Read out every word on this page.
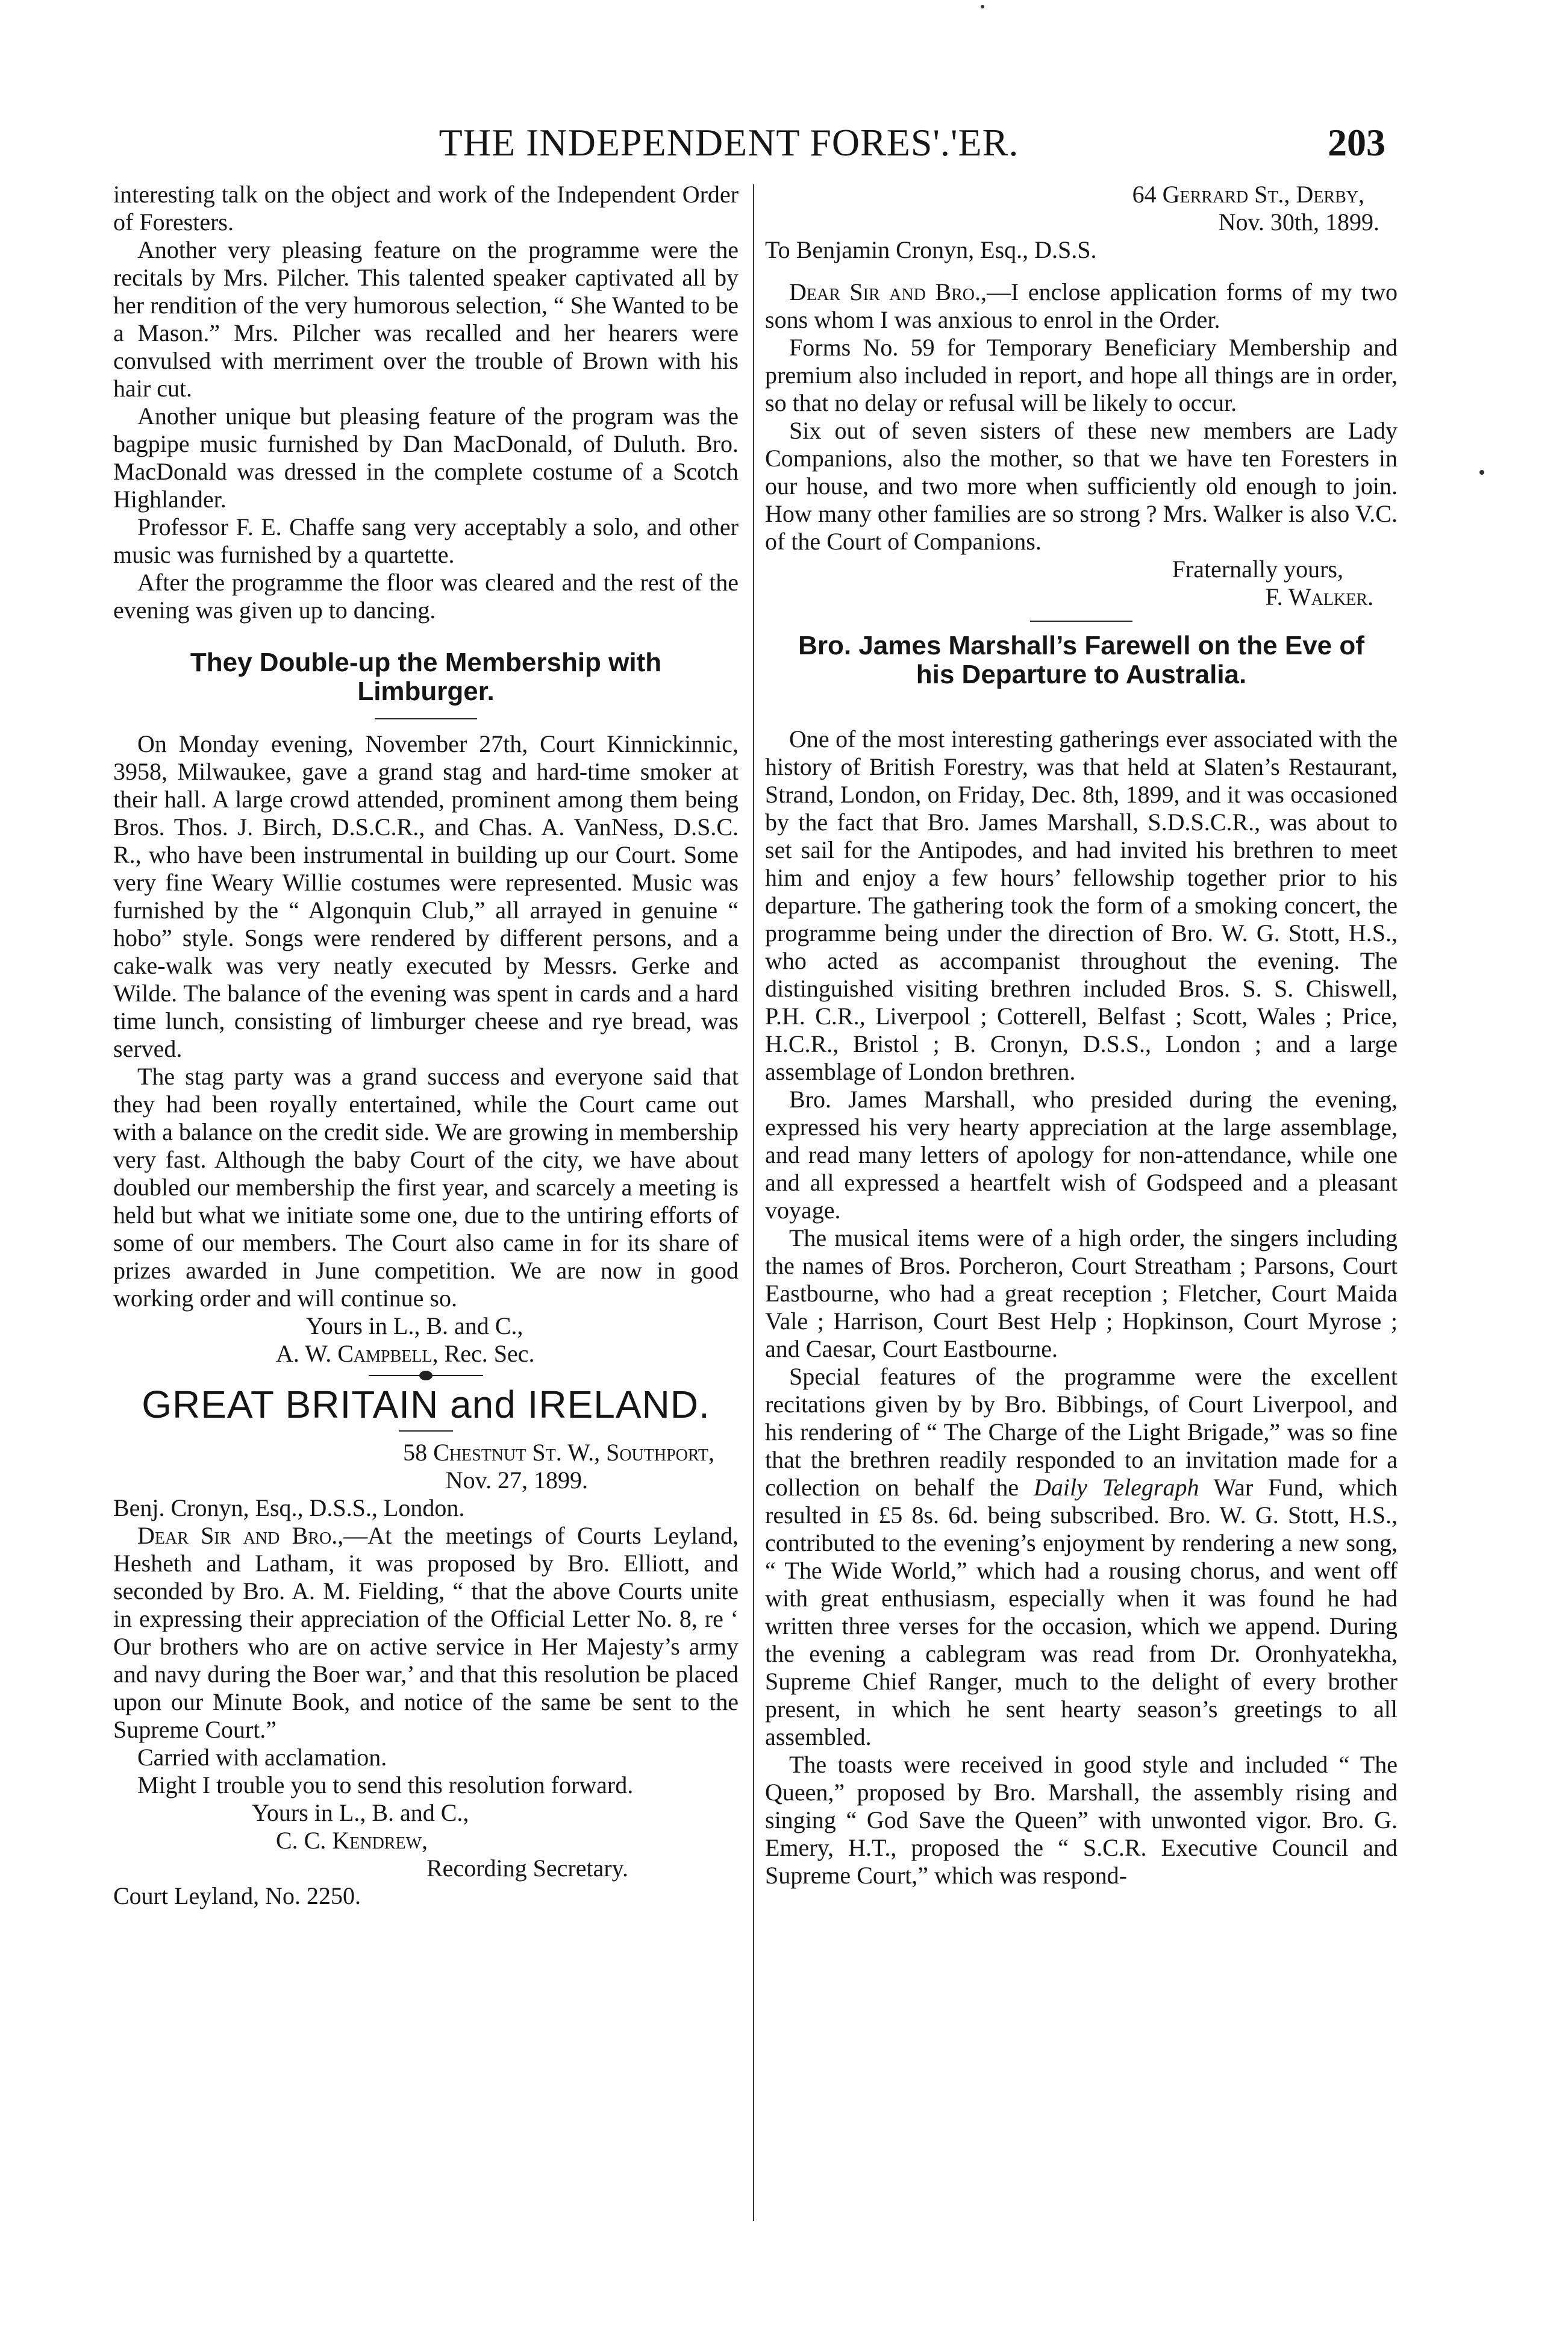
THE INDEPENDENT FORES'.'ER.	203

interesting talk on the object and work of the Independent Order of Foresters.

Another very pleasing feature on the programme were the recitals by Mrs. Pilcher. This talented speaker captivated all by her rendition of the very humorous selection, “ She Wanted to be a Mason.” Mrs. Pilcher was recalled and her hearers were convulsed with merriment over the trouble of Brown with his hair cut.

Another unique but pleasing feature of the program was the bagpipe music furnished by Dan MacDonald, of Duluth. Bro. MacDonald was dressed in the complete costume of a Scotch Highlander.

Professor F. E. Chaffe sang very acceptably a solo, and other music was furnished by a quartette.

After the programme the floor was cleared and the rest of the evening was given up to dancing.

They Double-up the Membership with Limburger.

On Monday evening, November 27th, Court Kinnickinnic, 3958, Milwaukee, gave a grand stag and hard-time smoker at their hall. A large crowd attended, prominent among them being Bros. Thos. J. Birch, D.S.C.R., and Chas. A. VanNess, D.S.C. R., who have been instrumental in building up our Court. Some very fine Weary Willie costumes were represented. Music was furnished by the “ Algonquin Club,” all arrayed in genuine “ hobo” style. Songs were rendered by different persons, and a cake-walk was very neatly executed by Messrs. Gerke and Wilde. The balance of the evening was spent in cards and a hard time lunch, consisting of limburger cheese and rye bread, was served.

The stag party was a grand success and everyone said that they had been royally entertained, while the Court came out with a balance on the credit side. We are growing in membership very fast. Although the baby Court of the city, we have about doubled our membership the first year, and scarcely a meeting is held but what we initiate some one, due to the untiring efforts of some of our members. The Court also came in for its share of prizes awarded in June competition. We are now in good working order and will continue so.

Yours in L., B. and C.,

A. W. Campbell, Rec. Sec.

GREAT BRITAIN and IRELAND.

58 Chestnut St. W., Southport,

Nov. 27, 1899.

Benj. Cronyn, Esq., D.S.S., London.

Dear Sir and Bro.,—At the meetings of Courts Leyland, Hesheth and Latham, it was proposed by Bro. Elliott, and seconded by Bro. A. M. Fielding, “ that the above Courts unite in expressing their appreciation of the Official Letter No. 8, re ‘ Our brothers who are on active service in Her Majesty’s army and navy during the Boer war,’ and that this resolution be placed upon our Minute Book, and notice of the same be sent to the Supreme Court.”

Carried with acclamation.

Might I trouble you to send this resolution forward.

Yours in L., B. and C.,

C. C. Kendrew,

Recording Secretary.

Court Leyland, No. 2250.

64 Gerrard St., Derby,

Nov. 30th, 1899.

To Benjamin Cronyn, Esq., D.S.S.

Dear Sir and Bro.,—I enclose application forms of my two sons whom I was anxious to enrol in the Order.

Forms No. 59 for Temporary Beneficiary Membership and premium also included in report, and hope all things are in order, so that no delay or refusal will be likely to occur.

Six out of seven sisters of these new members are Lady Companions, also the mother, so that we have ten Foresters in our house, and two more when sufficiently old enough to join. How many other families are so strong ? Mrs. Walker is also V.C. of the Court of Companions.

Fraternally yours,

F. Walker.

Bro. James Marshall’s Farewell on the Eve of his Departure to Australia.

One of the most interesting gatherings ever associated with the history of British Forestry, was that held at Slaten’s Restaurant, Strand, London, on Friday, Dec. 8th, 1899, and it was occasioned by the fact that Bro. James Marshall, S.D.S.C.R., was about to set sail for the Antipodes, and had invited his brethren to meet him and enjoy a few hours’ fellowship together prior to his departure. The gathering took the form of a smoking concert, the programme being under the direction of Bro. W. G. Stott, H.S., who acted as accompanist throughout the evening. The distinguished visiting brethren included Bros. S. S. Chiswell, P.H. C.R., Liverpool ; Cotterell, Belfast ; Scott, Wales ; Price, H.C.R., Bristol ; B. Cronyn, D.S.S., London ; and a large assemblage of London brethren.

Bro. James Marshall, who presided during the evening, expressed his very hearty appreciation at the large assemblage, and read many letters of apology for non-attendance, while one and all expressed a heartfelt wish of Godspeed and a pleasant voyage.

The musical items were of a high order, the singers including the names of Bros. Porcheron, Court Streatham ; Parsons, Court Eastbourne, who had a great reception ; Fletcher, Court Maida Vale ; Harrison, Court Best Help ; Hopkinson, Court Myrose ; and Caesar, Court Eastbourne.

Special features of the programme were the excellent recitations given by by Bro. Bibbings, of Court Liverpool, and his rendering of “ The Charge of the Light Brigade,” was so fine that the brethren readily responded to an invitation made for a collection on behalf the Daily Telegraph War Fund, which resulted in £5 8s. 6d. being subscribed. Bro. W. G. Stott, H.S., contributed to the evening’s enjoyment by rendering a new song, “ The Wide World,” which had a rousing chorus, and went off with great enthusiasm, especially when it was found he had written three verses for the occasion, which we append. During the evening a cablegram was read from Dr. Oronhyatekha, Supreme Chief Ranger, much to the delight of every brother present, in which he sent hearty season’s greetings to all assembled.

The toasts were received in good style and included “ The Queen,” proposed by Bro. Marshall, the assembly rising and singing “ God Save the Queen” with unwonted vigor. Bro. G. Emery, H.T., proposed the “ S.C.R. Executive Council and Supreme Court,” which was respond-
